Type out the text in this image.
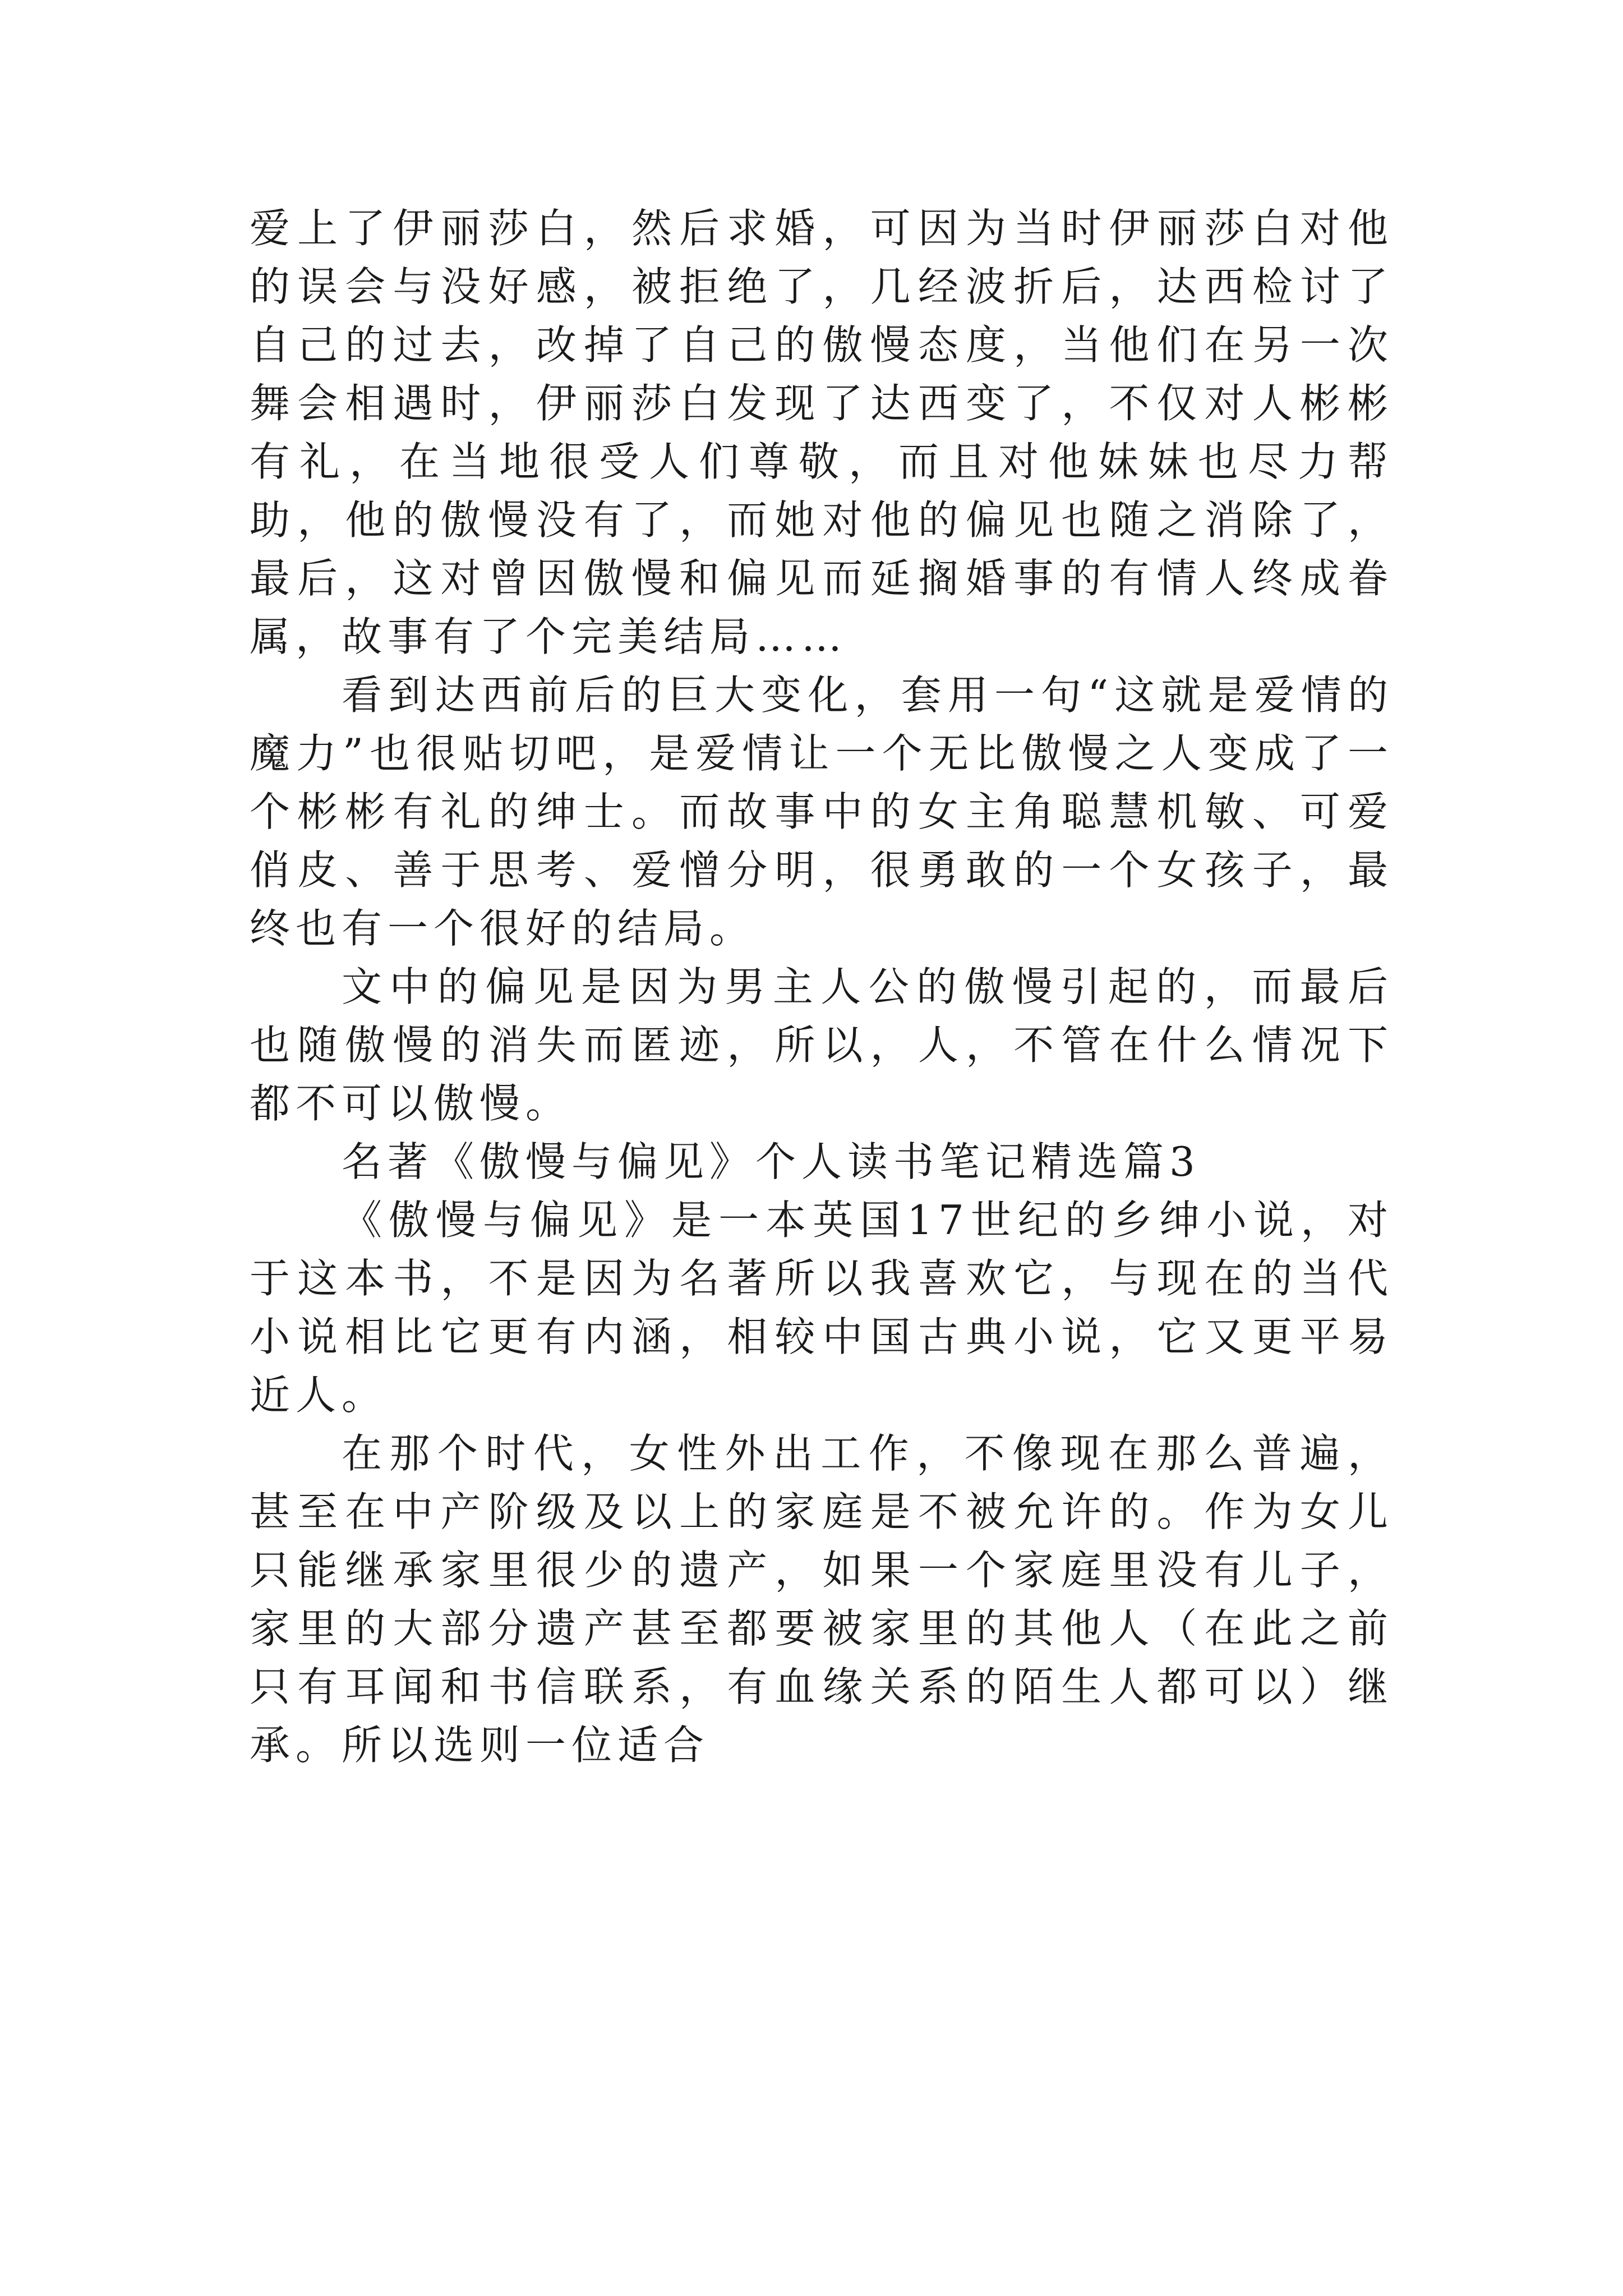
爱上了伊丽莎白，然后求婚，可因为当时伊丽莎白对他的误会与没好感，被拒绝了，几经波折后，达西检讨了自己的过去，改掉了自己的傲慢态度，当他们在另一次舞会相遇时，伊丽莎白发现了达西变了，不仅对人彬彬有礼，在当地很受人们尊敬，而且对他妹妹也尽力帮助，他的傲慢没有了，而她对他的偏见也随之消除了，最后，这对曾因傲慢和偏见而延搁婚事的有情人终成眷属，故事有了个完美结局……

看到达西前后的巨大变化，套用一句“这就是爱情的魔力”也很贴切吧，是爱情让一个无比傲慢之人变成了一个彬彬有礼的绅士。而故事中的女主角聪慧机敏、可爱俏皮、善于思考、爱憎分明，很勇敢的一个女孩子，最终也有一个很好的结局。

文中的偏见是因为男主人公的傲慢引起的，而最后也随傲慢的消失而匿迹，所以，人，不管在什么情况下都不可以傲慢。

名著《傲慢与偏见》个人读书笔记精选篇3

《傲慢与偏见》是一本英国17世纪的乡绅小说，对于这本书，不是因为名著所以我喜欢它，与现在的当代小说相比它更有内涵，相较中国古典小说，它又更平易近人。

在那个时代，女性外出工作，不像现在那么普遍，甚至在中产阶级及以上的家庭是不被允许的。作为女儿只能继承家里很少的遗产，如果一个家庭里没有儿子，家里的大部分遗产甚至都要被家里的其他人（在此之前只有耳闻和书信联系，有血缘关系的陌生人都可以）继承。所以选则一位适合
